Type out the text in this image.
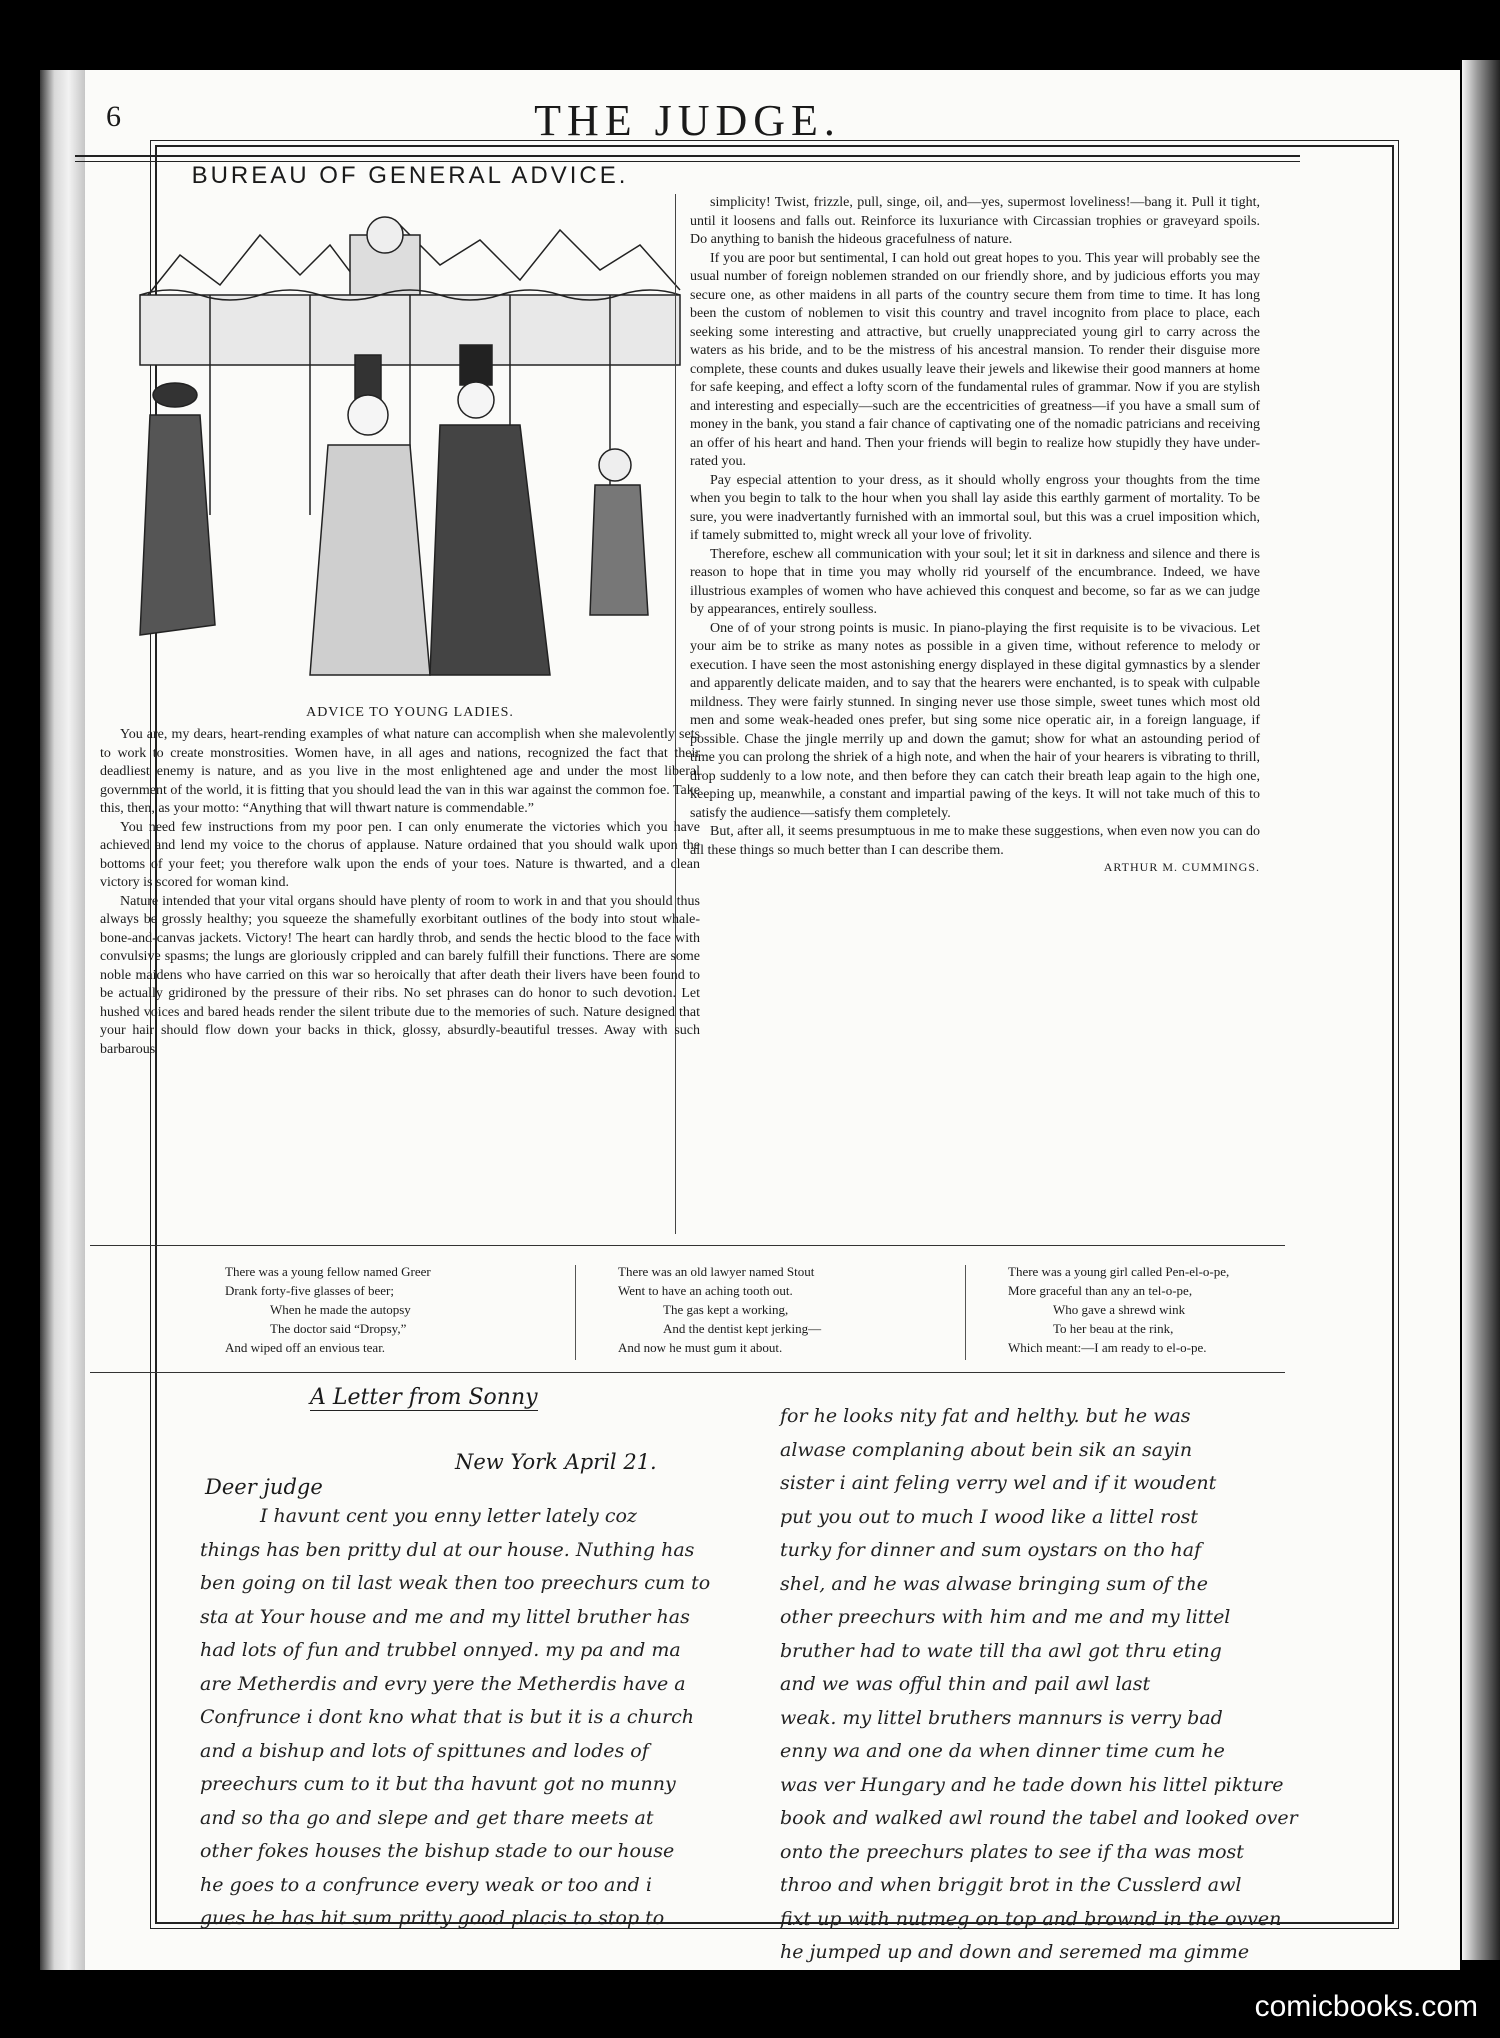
6	THE JUDGE.
BUREAU OF GENERAL ADVICE.
ADVICE TO YOUNG LADIES.

You are, my dears, heart-rending examples of what nature can accomplish when she malevolently sets to work to create monstrosities. Women have, in all ages and nations, recognized the fact that their deadliest enemy is nature, and as you live in the most enlightened age and under the most liberal government of the world, it is fitting that you should lead the van in this war against the common foe. Take this, then, as your motto: “Anything that will thwart nature is commendable.”

You need few instructions from my poor pen. I can only enumerate the victories which you have achieved and lend my voice to the chorus of applause. Nature ordained that you should walk upon the bottoms of your feet; you therefore walk upon the ends of your toes. Nature is thwarted, and a clean victory is scored for woman kind.

Nature intended that your vital organs should have plenty of room to work in and that you should thus always be grossly healthy; you squeeze the shamefully exorbitant outlines of the body into stout whale-bone-and-canvas jackets. Victory! The heart can hardly throb, and sends the hectic blood to the face with convulsive spasms; the lungs are gloriously crippled and can barely fulfill their functions. There are some noble maidens who have carried on this war so heroically that after death their livers have been found to be actually gridironed by the pressure of their ribs. No set phrases can do honor to such devotion. Let hushed voices and bared heads render the silent tribute due to the memories of such. Nature designed that your hair should flow down your backs in thick, glossy, absurdly-beautiful tresses. Away with such barbarous

simplicity! Twist, frizzle, pull, singe, oil, and—yes, supermost loveliness!—bang it. Pull it tight, until it loosens and falls out. Reinforce its luxuriance with Circassian trophies or graveyard spoils. Do anything to banish the hideous gracefulness of nature.

If you are poor but sentimental, I can hold out great hopes to you. This year will probably see the usual number of foreign noblemen stranded on our friendly shore, and by judicious efforts you may secure one, as other maidens in all parts of the country secure them from time to time. It has long been the custom of noblemen to visit this country and travel incognito from place to place, each seeking some interesting and attractive, but cruelly unappreciated young girl to carry across the waters as his bride, and to be the mistress of his ancestral mansion. To render their disguise more complete, these counts and dukes usually leave their jewels and likewise their good manners at home for safe keeping, and effect a lofty scorn of the fundamental rules of grammar. Now if you are stylish and interesting and especially—such are the eccentricities of greatness—if you have a small sum of money in the bank, you stand a fair chance of captivating one of the nomadic patricians and receiving an offer of his heart and hand. Then your friends will begin to realize how stupidly they have under-rated you.

Pay especial attention to your dress, as it should wholly engross your thoughts from the time when you begin to talk to the hour when you shall lay aside this earthly garment of mortality. To be sure, you were inadvertantly furnished with an immortal soul, but this was a cruel imposition which, if tamely submitted to, might wreck all your love of frivolity.

Therefore, eschew all communication with your soul; let it sit in darkness and silence and there is reason to hope that in time you may wholly rid yourself of the encumbrance. Indeed, we have illustrious examples of women who have achieved this conquest and become, so far as we can judge by appearances, entirely soulless.

One of of your strong points is music. In piano-playing the first requisite is to be vivacious. Let your aim be to strike as many notes as possible in a given time, without reference to melody or execution. I have seen the most astonishing energy displayed in these digital gymnastics by a slender and apparently delicate maiden, and to say that the hearers were enchanted, is to speak with culpable mildness. They were fairly stunned. In singing never use those simple, sweet tunes which most old men and some weak-headed ones prefer, but sing some nice operatic air, in a foreign language, if possible. Chase the jingle merrily up and down the gamut; show for what an astounding period of time you can prolong the shriek of a high note, and when the hair of your hearers is vibrating to thrill, drop suddenly to a low note, and then before they can catch their breath leap again to the high one, keeping up, meanwhile, a constant and impartial pawing of the keys. It will not take much of this to satisfy the audience—satisfy them completely.

But, after all, it seems presumptuous in me to make these suggestions, when even now you can do all these things so much better than I can describe them.

ARTHUR M. CUMMINGS.
There was a young fellow named Greer
Drank forty-five glasses of beer;
When he made the autopsy
The doctor said “Dropsy,”
And wiped off an envious tear.
There was an old lawyer named Stout
Went to have an aching tooth out.
The gas kept a working,
And the dentist kept jerking—
And now he must gum it about.
There was a young girl called Pen-el-o-pe,
More graceful than any an tel-o-pe,
Who gave a shrewd wink
To her beau at the rink,
Which meant:—I am ready to el-o-pe.
A Letter from Sonny
New York April 21.
Deer judge
I havunt cent you enny letter lately coz
things has ben pritty dul at our house. Nuthing has
ben going on til last weak then too preechurs cum to
sta at Your house and me and my littel bruther has
had lots of fun and trubbel onnyed. my pa and ma
are Metherdis and evry yere the Metherdis have a
Confrunce i dont kno what that is but it is a church
and a bishup and lots of spittunes and lodes of
preechurs cum to it but tha havunt got no munny
and so tha go and slepe and get thare meets at
other fokes houses the bishup stade to our house
he goes to a confrunce every weak or too and i
gues he has hit sum pritty good placis to stop to
for he looks nity fat and helthy. but he was
alwase complaning about bein sik an sayin
sister i aint feling verry wel and if it woudent
put you out to much I wood like a littel rost
turky for dinner and sum oystars on tho haf
shel, and he was alwase bringing sum of the
other preechurs with him and me and my littel
bruther had to wate till tha awl got thru eting
and we was offul thin and pail awl last
weak. my littel bruthers mannurs is verry bad
enny wa and one da when dinner time cum he
was ver Hungary and he tade down his littel pikture
book and walked awl round the tabel and looked over
onto the preechurs plates to see if tha was most
throo and when briggit brot in the Cusslerd awl
fixt up with nutmeg on top and brownd in the ovven
he jumped up and down and seremed ma gimme
comicbooks.com
